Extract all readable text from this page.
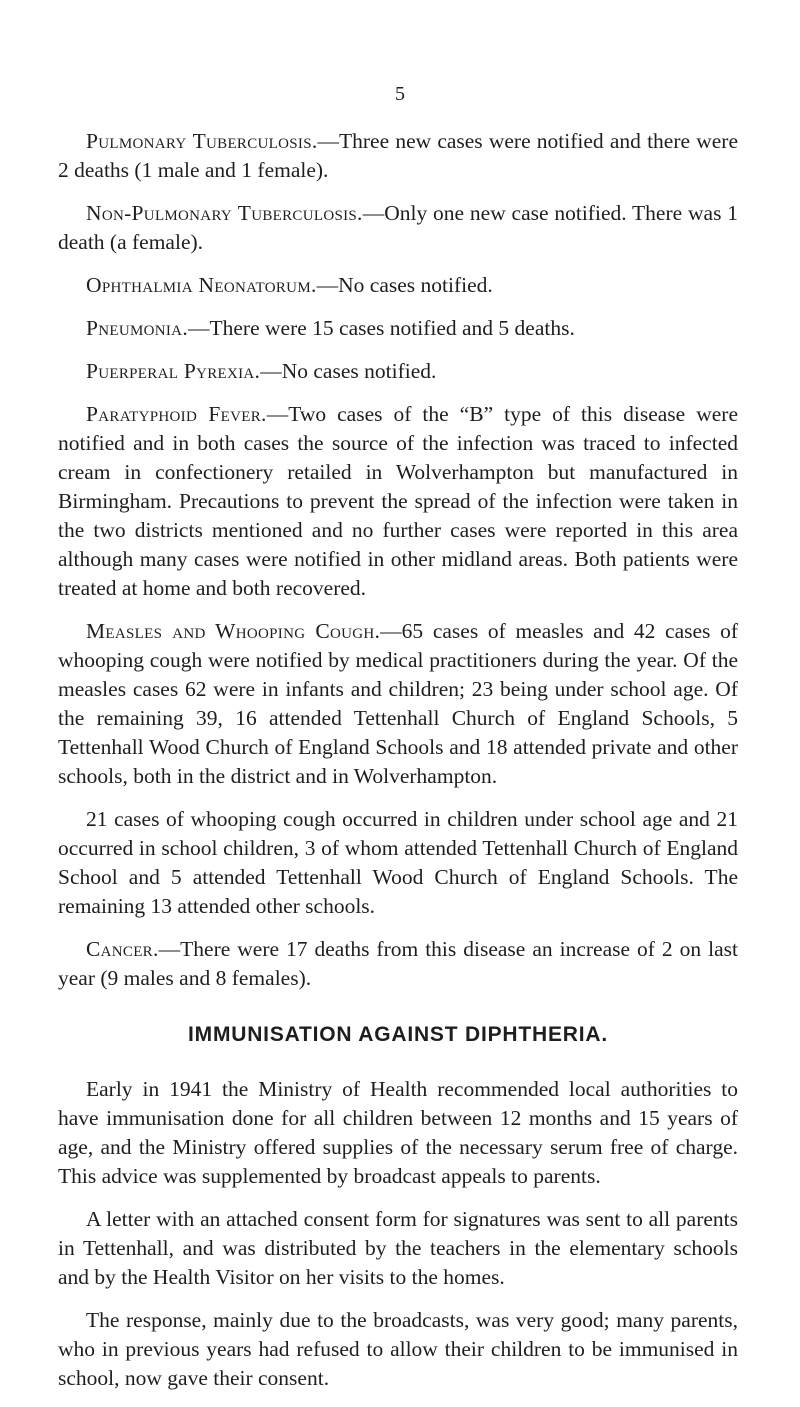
5

Pulmonary Tuberculosis.—Three new cases were notified and there were 2 deaths (1 male and 1 female).

Non-Pulmonary Tuberculosis.—Only one new case notified. There was 1 death (a female).

Ophthalmia Neonatorum.—No cases notified.

Pneumonia.—There were 15 cases notified and 5 deaths.

Puerperal Pyrexia.—No cases notified.

Paratyphoid Fever.—Two cases of the “B” type of this disease were notified and in both cases the source of the infection was traced to infected cream in confectionery retailed in Wolverhampton but manufactured in Birmingham. Precautions to prevent the spread of the infection were taken in the two districts mentioned and no further cases were reported in this area although many cases were notified in other midland areas. Both patients were treated at home and both recovered.

Measles and Whooping Cough.—65 cases of measles and 42 cases of whooping cough were notified by medical practitioners during the year. Of the measles cases 62 were in infants and children; 23 being under school age. Of the remaining 39, 16 attended Tettenhall Church of England Schools, 5 Tettenhall Wood Church of England Schools and 18 attended private and other schools, both in the district and in Wolverhampton.

21 cases of whooping cough occurred in children under school age and 21 occurred in school children, 3 of whom attended Tettenhall Church of England School and 5 attended Tettenhall Wood Church of England Schools. The remaining 13 attended other schools.

Cancer.—There were 17 deaths from this disease an increase of 2 on last year (9 males and 8 females).

IMMUNISATION AGAINST DIPHTHERIA.

Early in 1941 the Ministry of Health recommended local authorities to have immunisation done for all children between 12 months and 15 years of age, and the Ministry offered supplies of the necessary serum free of charge. This advice was supplemented by broadcast appeals to parents.

A letter with an attached consent form for signatures was sent to all parents in Tettenhall, and was distributed by the teachers in the elementary schools and by the Health Visitor on her visits to the homes.

The response, mainly due to the broadcasts, was very good; many parents, who in previous years had refused to allow their children to be immunised in school, now gave their consent.
